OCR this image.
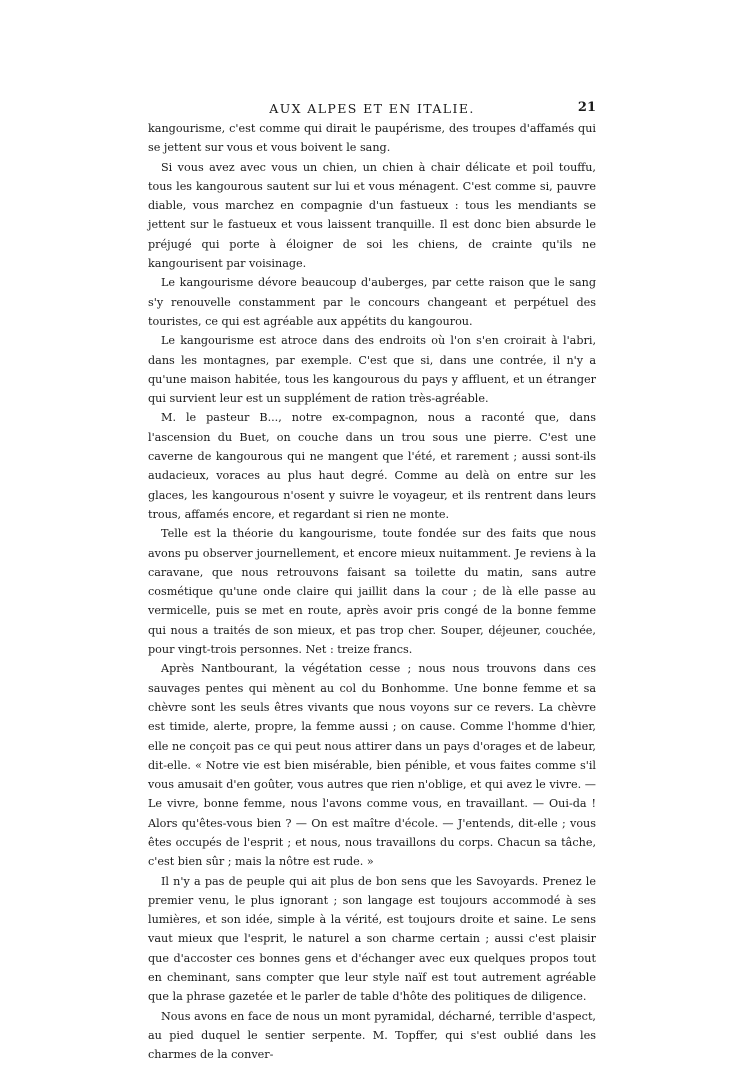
AUX ALPES ET EN ITALIE.	21

kangourisme, c'est comme qui dirait le paupérisme, des troupes d'affamés qui se jettent sur vous et vous boivent le sang.

Si vous avez avec vous un chien, un chien à chair délicate et poil touffu, tous les kangourous sautent sur lui et vous ménagent. C'est comme si, pauvre diable, vous marchez en compagnie d'un fastueux : tous les mendiants se jettent sur le fastueux et vous laissent tranquille. Il est donc bien absurde le préjugé qui porte à éloigner de soi les chiens, de crainte qu'ils ne kangourisent par voisinage.

Le kangourisme dévore beaucoup d'auberges, par cette raison que le sang s'y renouvelle constamment par le concours changeant et perpétuel des touristes, ce qui est agréable aux appétits du kangourou.

Le kangourisme est atroce dans des endroits où l'on s'en croirait à l'abri, dans les montagnes, par exemple. C'est que si, dans une contrée, il n'y a qu'une maison habitée, tous les kangourous du pays y affluent, et un étranger qui survient leur est un supplément de ration très-agréable.

M. le pasteur B..., notre ex-compagnon, nous a raconté que, dans l'ascension du Buet, on couche dans un trou sous une pierre. C'est une caverne de kangourous qui ne mangent que l'été, et rarement ; aussi sont-ils audacieux, voraces au plus haut degré. Comme au delà on entre sur les glaces, les kangourous n'osent y suivre le voyageur, et ils rentrent dans leurs trous, affamés encore, et regardant si rien ne monte.

Telle est la théorie du kangourisme, toute fondée sur des faits que nous avons pu observer journellement, et encore mieux nuitamment. Je reviens à la caravane, que nous retrouvons faisant sa toilette du matin, sans autre cosmétique qu'une onde claire qui jaillit dans la cour ; de là elle passe au vermicelle, puis se met en route, après avoir pris congé de la bonne femme qui nous a traités de son mieux, et pas trop cher. Souper, déjeuner, couchée, pour vingt-trois personnes. Net : treize francs.

Après Nantbourant, la végétation cesse ; nous nous trouvons dans ces sauvages pentes qui mènent au col du Bonhomme. Une bonne femme et sa chèvre sont les seuls êtres vivants que nous voyons sur ce revers. La chèvre est timide, alerte, propre, la femme aussi ; on cause. Comme l'homme d'hier, elle ne conçoit pas ce qui peut nous attirer dans un pays d'orages et de labeur, dit-elle. « Notre vie est bien misérable, bien pénible, et vous faites comme s'il vous amusait d'en goûter, vous autres que rien n'oblige, et qui avez le vivre. — Le vivre, bonne femme, nous l'avons comme vous, en travaillant. — Oui-da ! Alors qu'êtes-vous bien ? — On est maître d'école. — J'entends, dit-elle ; vous êtes occupés de l'esprit ; et nous, nous travaillons du corps. Chacun sa tâche, c'est bien sûr ; mais la nôtre est rude. »

Il n'y a pas de peuple qui ait plus de bon sens que les Savoyards. Prenez le premier venu, le plus ignorant ; son langage est toujours accommodé à ses lumières, et son idée, simple à la vérité, est toujours droite et saine. Le sens vaut mieux que l'esprit, le naturel a son charme certain ; aussi c'est plaisir que d'accoster ces bonnes gens et d'échanger avec eux quelques propos tout en cheminant, sans compter que leur style naïf est tout autrement agréable que la phrase gazetée et le parler de table d'hôte des politiques de diligence.

Nous avons en face de nous un mont pyramidal, décharné, terrible d'aspect, au pied duquel le sentier serpente. M. Topffer, qui s'est oublié dans les charmes de la conver-
